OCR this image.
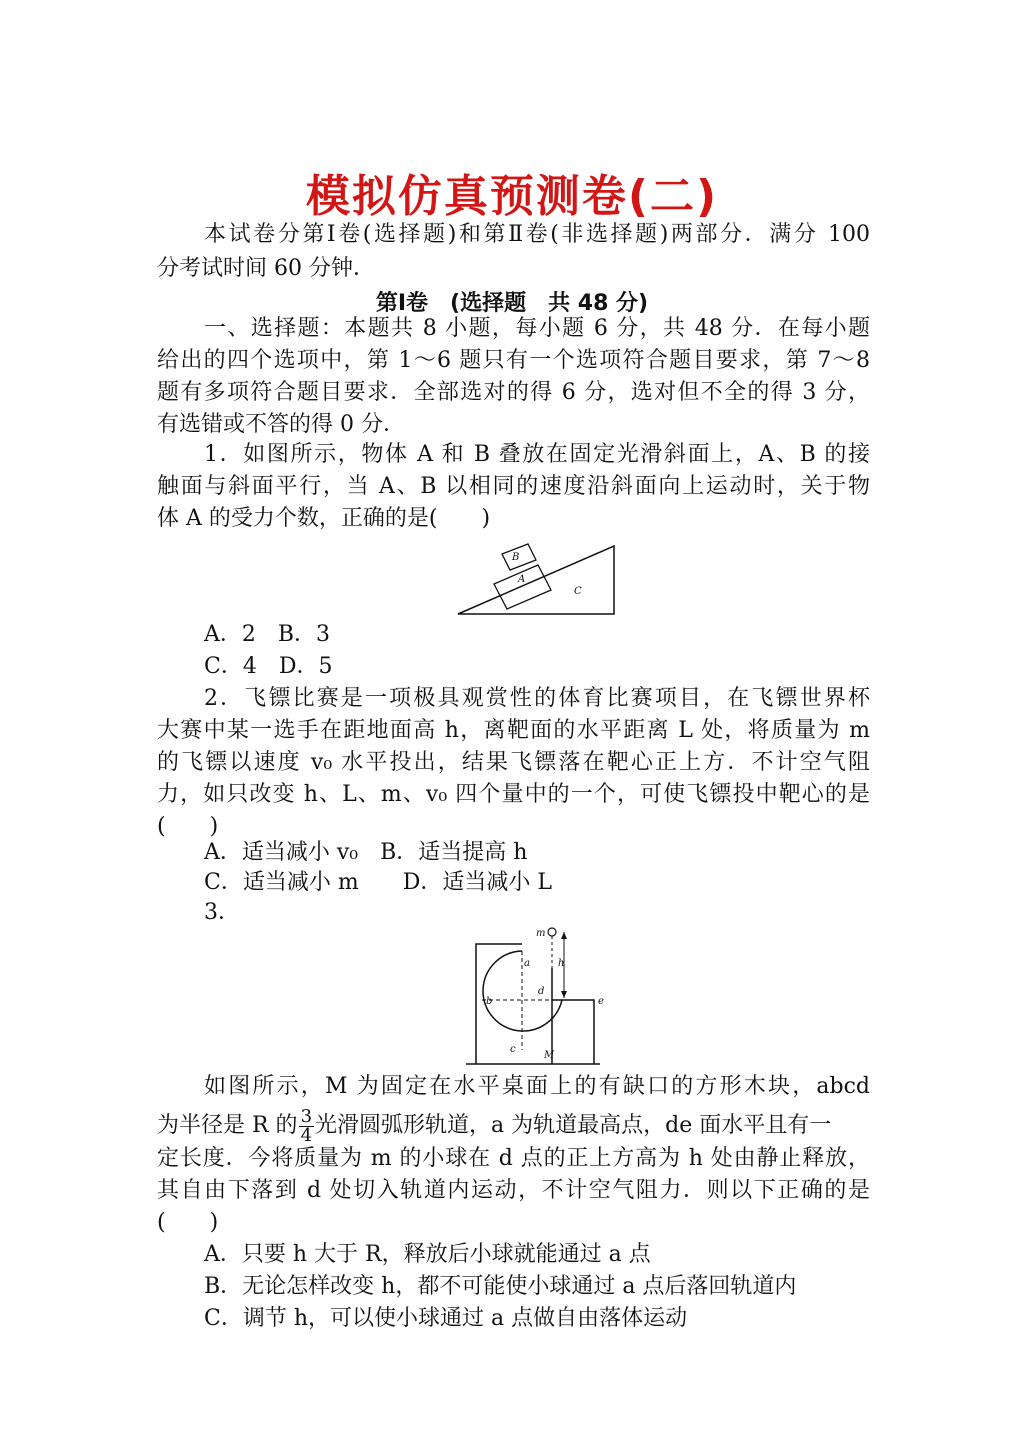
模拟仿真预测卷(二)
本试卷分第Ⅰ卷(选择题)和第Ⅱ卷(非选择题)两部分．满分 100
分考试时间 60 分钟．
第Ⅰ卷　(选择题　共 48 分)
一、选择题：本题共 8 小题，每小题 6 分，共 48 分．在每小题
给出的四个选项中，第 1～6 题只有一个选项符合题目要求，第 7～8
题有多项符合题目要求．全部选对的得 6 分，选对但不全的得 3 分，
有选错或不答的得 0 分．
1．如图所示，物体 A 和 B 叠放在固定光滑斜面上，A、B 的接
触面与斜面平行，当 A、B 以相同的速度沿斜面向上运动时，关于物
体 A 的受力个数，正确的是(　　)
A
B
C
A．2　B．3
C．4　D．5
2．飞镖比赛是一项极具观赏性的体育比赛项目，在飞镖世界杯
大赛中某一选手在距地面高 h，离靶面的水平距离 L 处，将质量为 m
的飞镖以速度 v₀ 水平投出，结果飞镖落在靶心正上方．不计空气阻
力，如只改变 h、L、m、v₀ 四个量中的一个，可使飞镖投中靶心的是
(　　)
A．适当减小 v₀　B．适当提高 h
C．适当减小 m　　D．适当减小 L
3．
m
h
a
b
c
d
e
M
如图所示，M 为固定在水平桌面上的有缺口的方形木块，abcd
为半径是 R 的 $\frac{3}{4}$ 光滑圆弧形轨道，a 为轨道最高点，de 面水平且有一
定长度．今将质量为 m 的小球在 d 点的正上方高为 h 处由静止释放，
其自由下落到 d 处切入轨道内运动，不计空气阻力．则以下正确的是
(　　)
A．只要 h 大于 R，释放后小球就能通过 a 点
B．无论怎样改变 h，都不可能使小球通过 a 点后落回轨道内
C．调节 h，可以使小球通过 a 点做自由落体运动
